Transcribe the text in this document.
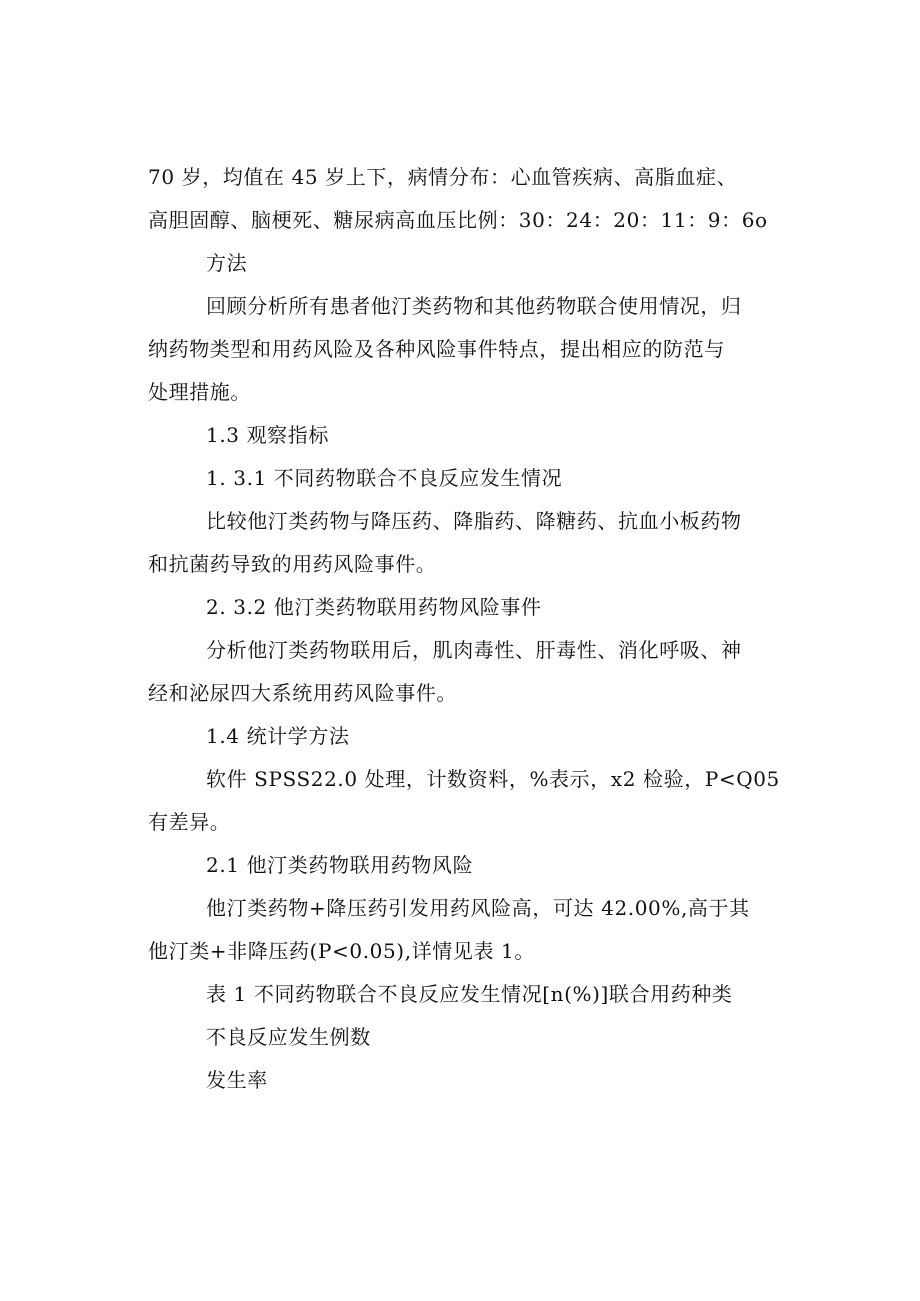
70 岁，均值在 45 岁上下，病情分布：心血管疾病、高脂血症、
高胆固醇、脑梗死、糖尿病高血压比例：30：24：20：11：9：6o
方法
回顾分析所有患者他汀类药物和其他药物联合使用情况，归
纳药物类型和用药风险及各种风险事件特点，提出相应的防范与
处理措施。
1.3 观察指标
1. 3.1 不同药物联合不良反应发生情况
比较他汀类药物与降压药、降脂药、降糖药、抗血小板药物
和抗菌药导致的用药风险事件。
2. 3.2 他汀类药物联用药物风险事件
分析他汀类药物联用后，肌肉毒性、肝毒性、消化呼吸、神
经和泌尿四大系统用药风险事件。
1.4 统计学方法
软件 SPSS22.0 处理，计数资料，%表示，x2 检验，P<Q05
有差异。
2.1 他汀类药物联用药物风险
他汀类药物+降压药引发用药风险高，可达 42.00%,高于其
他汀类+非降压药(P<0.05),详情见表 1。
表 1 不同药物联合不良反应发生情况[n(%)]联合用药种类
不良反应发生例数
发生率
